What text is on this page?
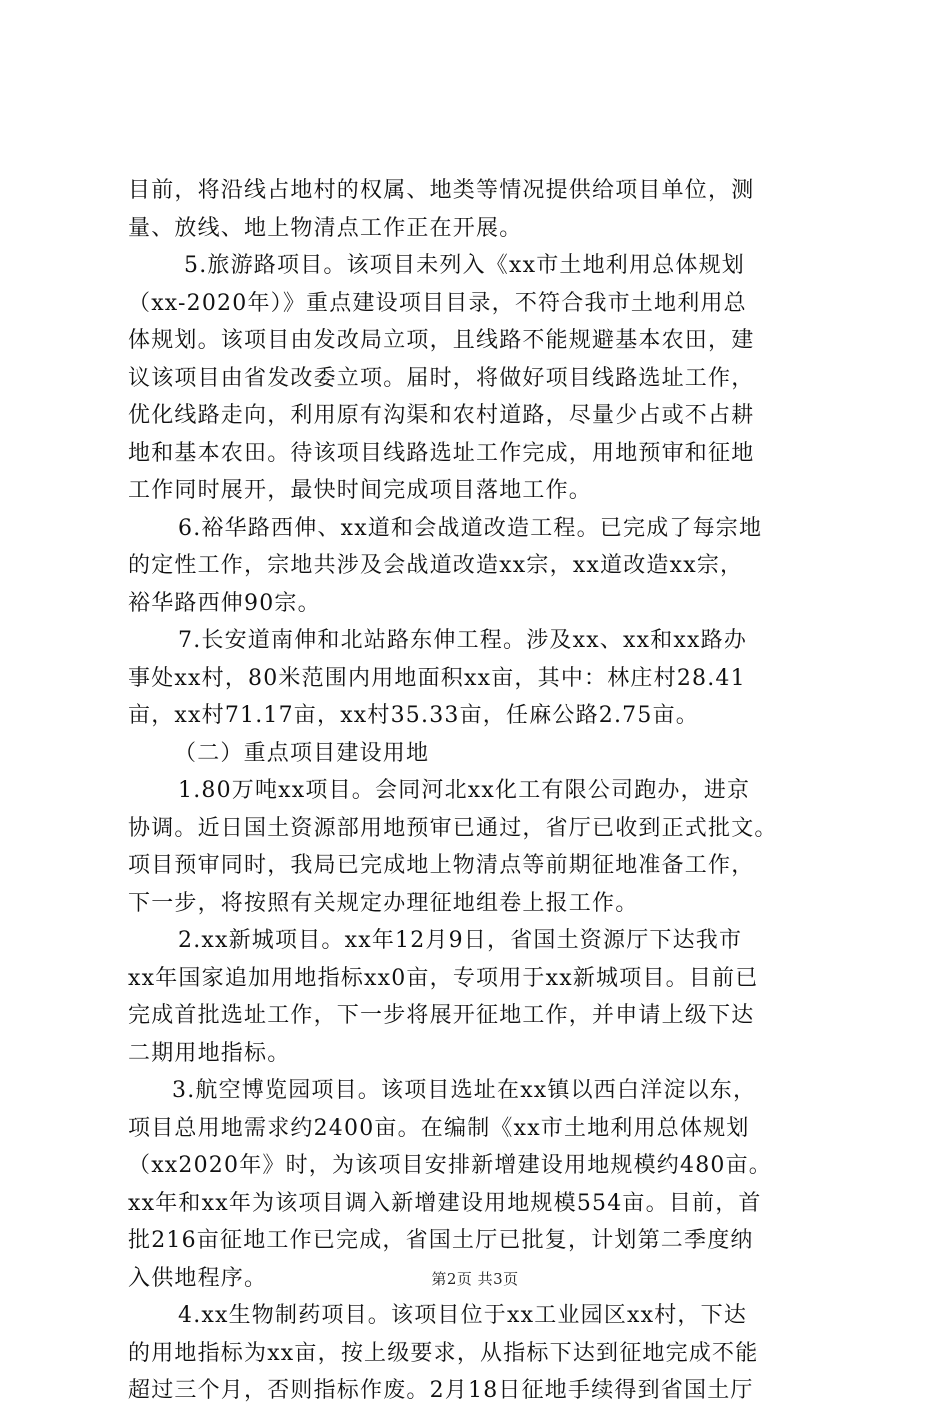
目前，将沿线占地村的权属、地类等情况提供给项目单位，测
量、放线、地上物清点工作正在开展。
5.旅游路项目。该项目未列入《xx市土地利用总体规划
（xx-2020年）》重点建设项目目录，不符合我市土地利用总
体规划。该项目由发改局立项，且线路不能规避基本农田，建
议该项目由省发改委立项。届时，将做好项目线路选址工作，
优化线路走向，利用原有沟渠和农村道路，尽量少占或不占耕
地和基本农田。待该项目线路选址工作完成，用地预审和征地
工作同时展开，最快时间完成项目落地工作。
6.裕华路西伸、xx道和会战道改造工程。已完成了每宗地
的定性工作，宗地共涉及会战道改造xx宗，xx道改造xx宗，
裕华路西伸90宗。
7.长安道南伸和北站路东伸工程。涉及xx、xx和xx路办
事处xx村，80米范围内用地面积xx亩，其中：林庄村28.41
亩，xx村71.17亩，xx村35.33亩，任麻公路2.75亩。
（二）重点项目建设用地
1.80万吨xx项目。会同河北xx化工有限公司跑办，进京
协调。近日国土资源部用地预审已通过，省厅已收到正式批文。
项目预审同时，我局已完成地上物清点等前期征地准备工作，
下一步，将按照有关规定办理征地组卷上报工作。
2.xx新城项目。xx年12月9日，省国土资源厅下达我市
xx年国家追加用地指标xx0亩，专项用于xx新城项目。目前已
完成首批选址工作，下一步将展开征地工作，并申请上级下达
二期用地指标。
3.航空博览园项目。该项目选址在xx镇以西白洋淀以东，
项目总用地需求约2400亩。在编制《xx市土地利用总体规划
（xx2020年》时，为该项目安排新增建设用地规模约480亩。
xx年和xx年为该项目调入新增建设用地规模554亩。目前，首
批216亩征地工作已完成，省国土厅已批复，计划第二季度纳
入供地程序。
4.xx生物制药项目。该项目位于xx工业园区xx村，下达
的用地指标为xx亩，按上级要求，从指标下达到征地完成不能
超过三个月，否则指标作废。2月18日征地手续得到省国土厅
第2页 共3页
